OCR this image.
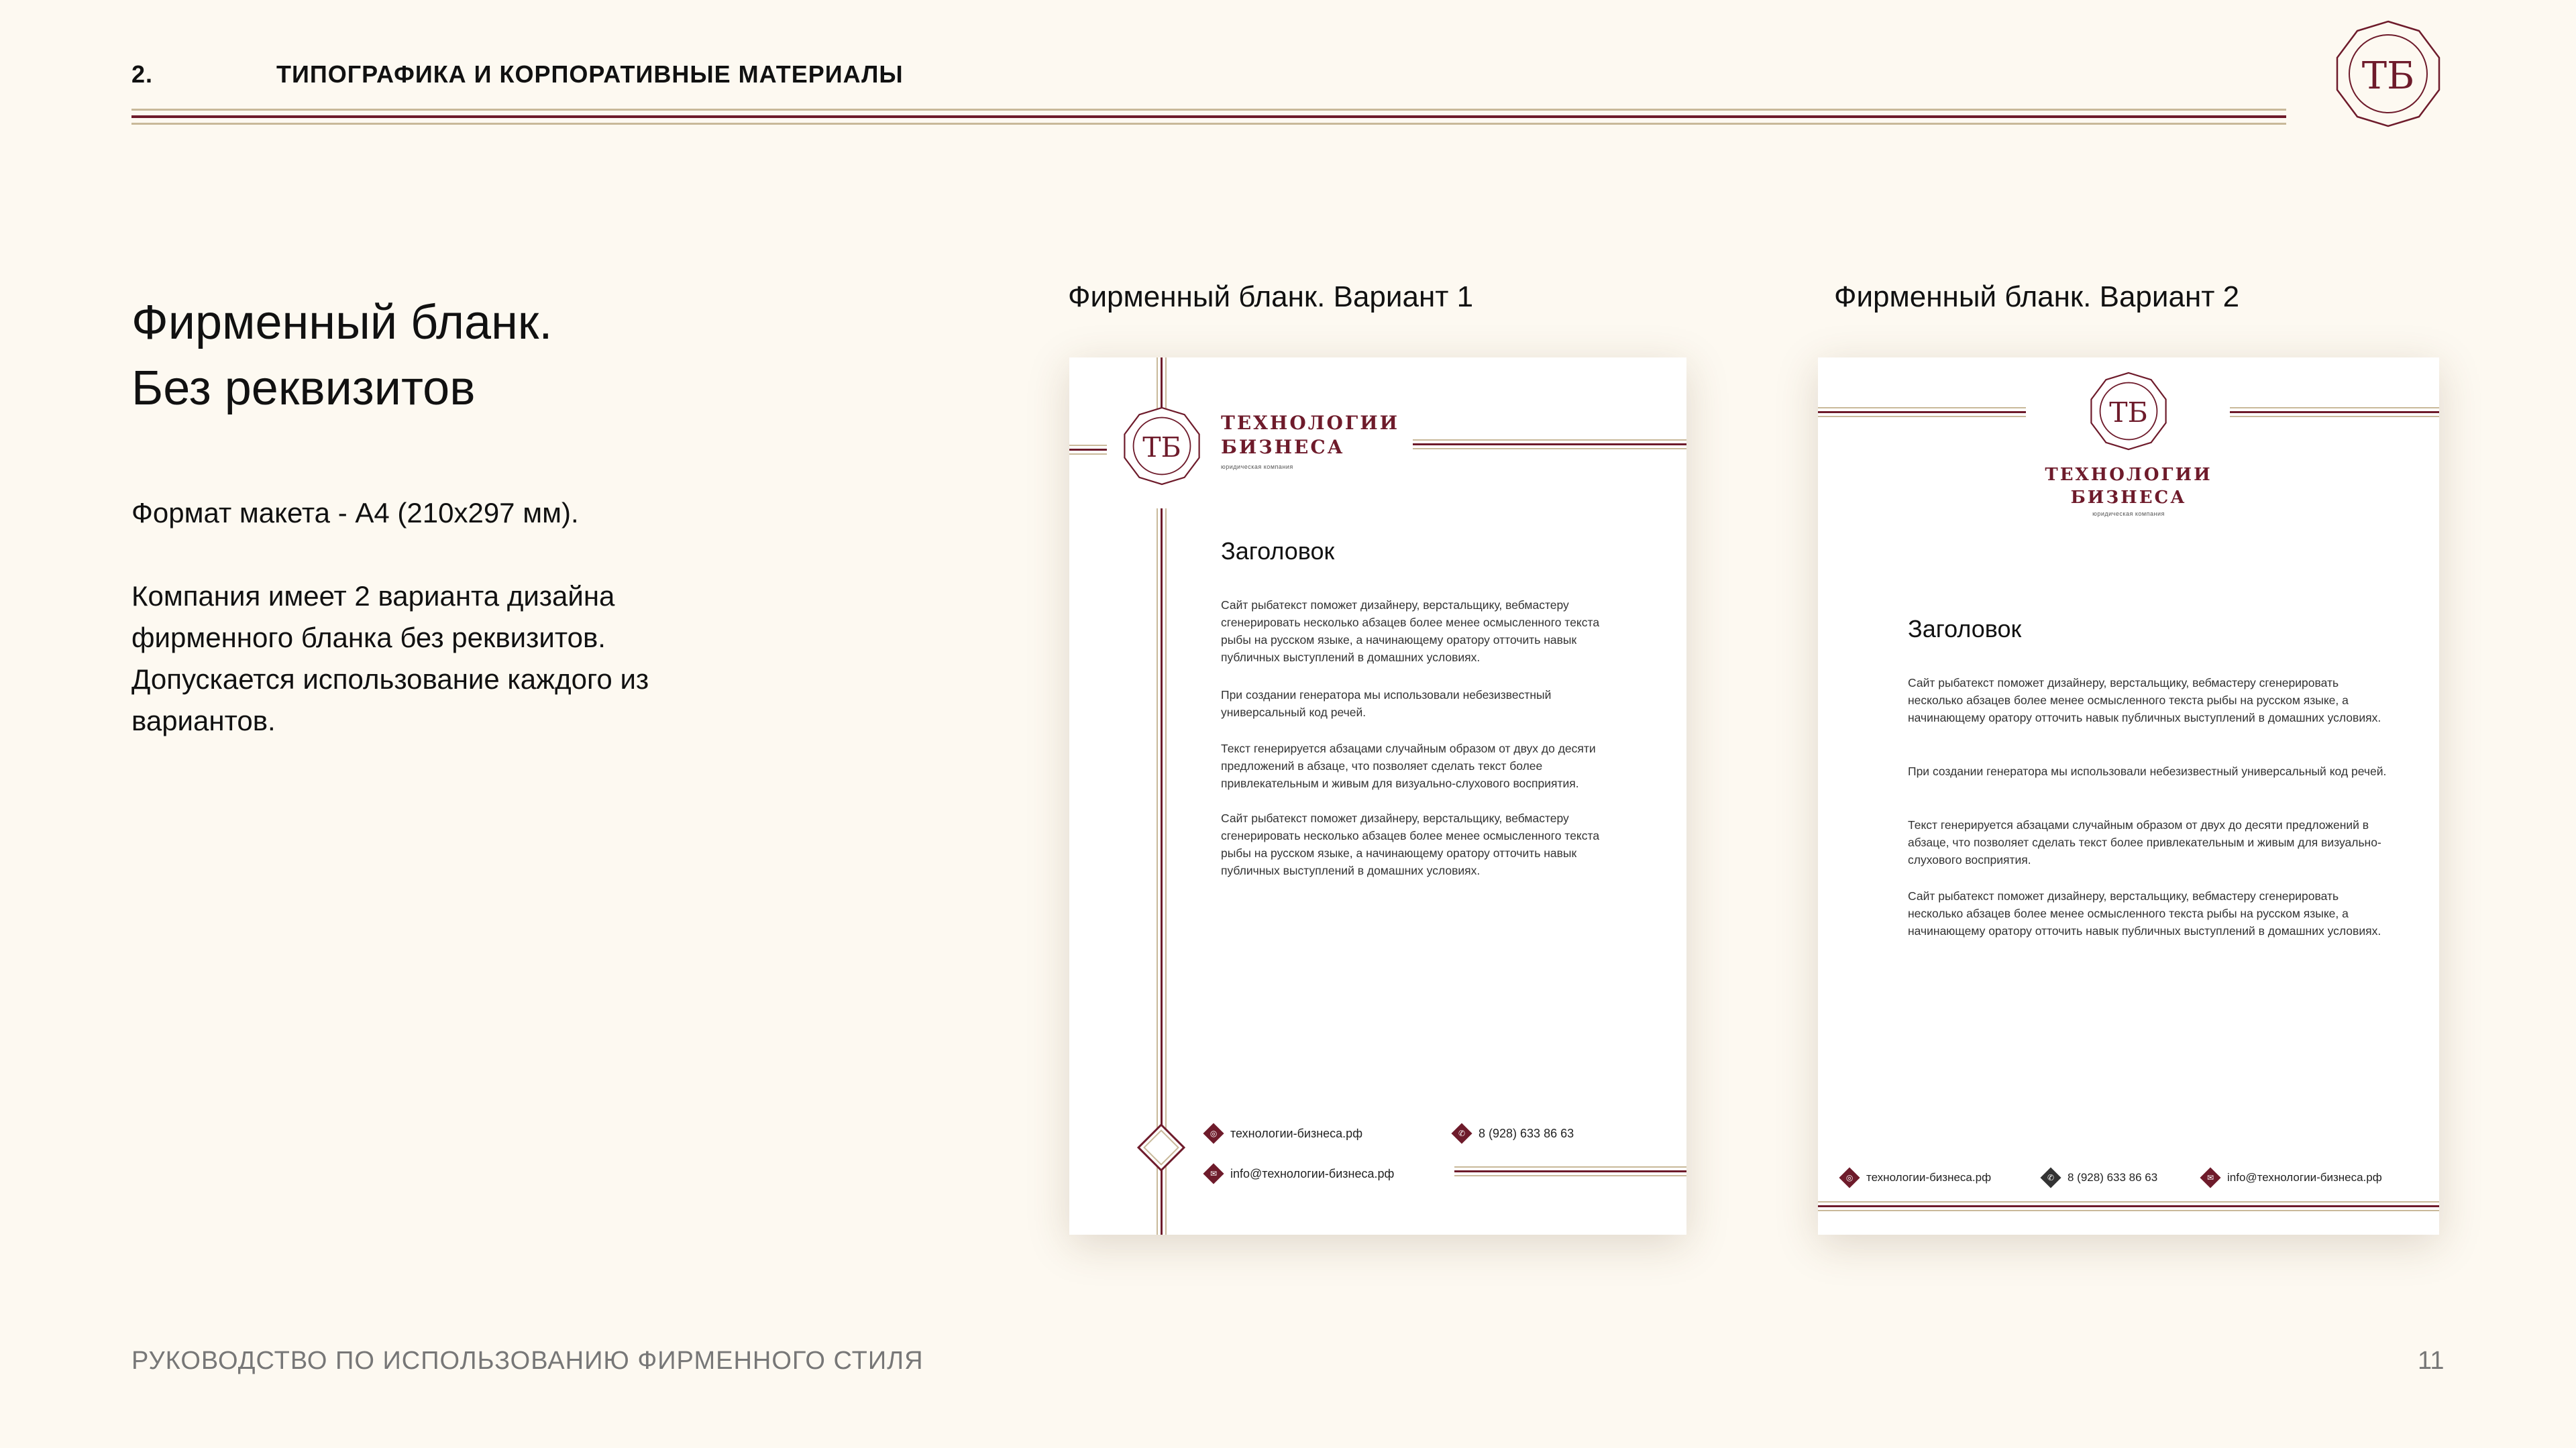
2.	ТИПОГРАФИКА И КОРПОРАТИВНЫЕ МАТЕРИАЛЫ	ТБ
Фирменный бланк.
Без реквизитов
Формат макета - А4 (210x297 мм).
Компания имеет 2 варианта дизайна фирменного бланка без реквизитов. Допускается использование каждого из вариантов.
Фирменный бланк. Вариант 1	Фирменный бланк. Вариант 2
ТБ
ТЕХНОЛОГИИ
БИЗНЕСА
юридическая компания
Заголовок

Сайт рыбатекст поможет дизайнеру, верстальщику, вебмастеру сгенерировать несколько абзацев более менее осмысленного текста рыбы на русском языке, а начинающему оратору отточить навык публичных выступлений в домашних условиях.

При создании генератора мы использовали небезизвестный универсальный код речей.

Текст генерируется абзацами случайным образом от двух до десяти предложений в абзаце, что позволяет сделать текст более привлекательным и живым для визуально-слухового восприятия.

Сайт рыбатекст поможет дизайнеру, верстальщику, вебмастеру сгенерировать несколько абзацев более менее осмысленного текста рыбы на русском языке, а начинающему оратору отточить навык публичных выступлений в домашних условиях.

◎ технологии-бизнеса.рф	✆ 8 (928) 633 86 63
✉ info@технологии-бизнеса.рф
ТБ
ТЕХНОЛОГИИ
БИЗНЕСА
юридическая компания
Заголовок

Сайт рыбатекст поможет дизайнеру, верстальщику, вебмастеру сгенерировать несколько абзацев более менее осмысленного текста рыбы на русском языке, а начинающему оратору отточить навык публичных выступлений в домашних условиях.

При создании генератора мы использовали небезизвестный универсальный код речей.

Текст генерируется абзацами случайным образом от двух до десяти предложений в абзаце, что позволяет сделать текст более привлекательным и живым для визуально-слухового восприятия.

Сайт рыбатекст поможет дизайнеру, верстальщику, вебмастеру сгенерировать несколько абзацев более менее осмысленного текста рыбы на русском языке, а начинающему оратору отточить навык публичных выступлений в домашних условиях.

◎ технологии-бизнеса.рф	✆ 8 (928) 633 86 63	✉ info@технологии-бизнеса.рф
РУКОВОДСТВО ПО ИСПОЛЬЗОВАНИЮ ФИРМЕННОГО СТИЛЯ	11
